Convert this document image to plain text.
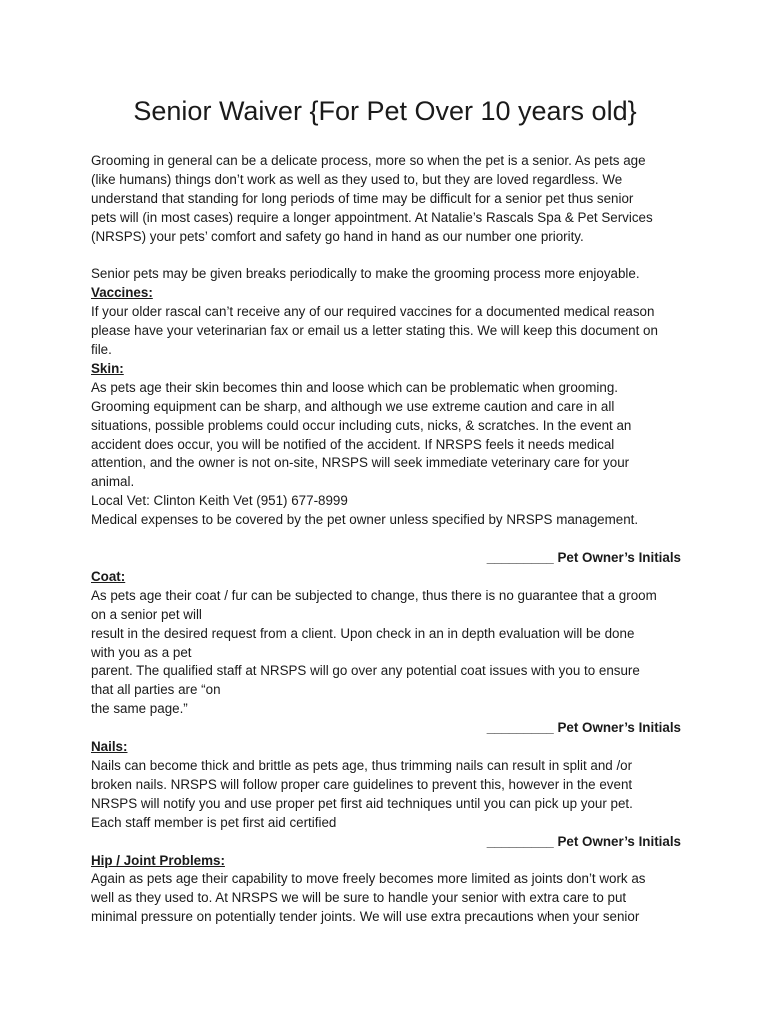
Senior Waiver {For Pet Over 10 years old}
Grooming in general can be a delicate process, more so when the pet is a senior. As pets age
(like humans) things don’t work as well as they used to, but they are loved regardless. We
understand that standing for long periods of time may be difficult for a senior pet thus senior
pets will (in most cases) require a longer appointment. At Natalie’s Rascals Spa & Pet Services
(NRSPS) your pets’ comfort and safety go hand in hand as our number one priority.
Senior pets may be given breaks periodically to make the grooming process more enjoyable.
Vaccines:
If your older rascal can’t receive any of our required vaccines for a documented medical reason
please have your veterinarian fax or email us a letter stating this. We will keep this document on
file.
Skin:
As pets age their skin becomes thin and loose which can be problematic when grooming.
Grooming equipment can be sharp, and although we use extreme caution and care in all
situations, possible problems could occur including cuts, nicks, & scratches. In the event an
accident does occur, you will be notified of the accident. If NRSPS feels it needs medical
attention, and the owner is not on-site, NRSPS will seek immediate veterinary care for your
animal.
Local Vet: Clinton Keith Vet (951) 677-8999
Medical expenses to be covered by the pet owner unless specified by NRSPS management.
_________ Pet Owner’s Initials
Coat:
As pets age their coat / fur can be subjected to change, thus there is no guarantee that a groom
on a senior pet will
result in the desired request from a client. Upon check in an in depth evaluation will be done
with you as a pet
parent. The qualified staff at NRSPS will go over any potential coat issues with you to ensure
that all parties are “on
the same page.”
_________ Pet Owner’s Initials
Nails:
Nails can become thick and brittle as pets age, thus trimming nails can result in split and /or
broken nails. NRSPS will follow proper care guidelines to prevent this, however in the event
NRSPS will notify you and use proper pet first aid techniques until you can pick up your pet.
Each staff member is pet first aid certified
_________ Pet Owner’s Initials
Hip / Joint Problems:
Again as pets age their capability to move freely becomes more limited as joints don’t work as
well as they used to. At NRSPS we will be sure to handle your senior with extra care to put
minimal pressure on potentially tender joints. We will use extra precautions when your senior
